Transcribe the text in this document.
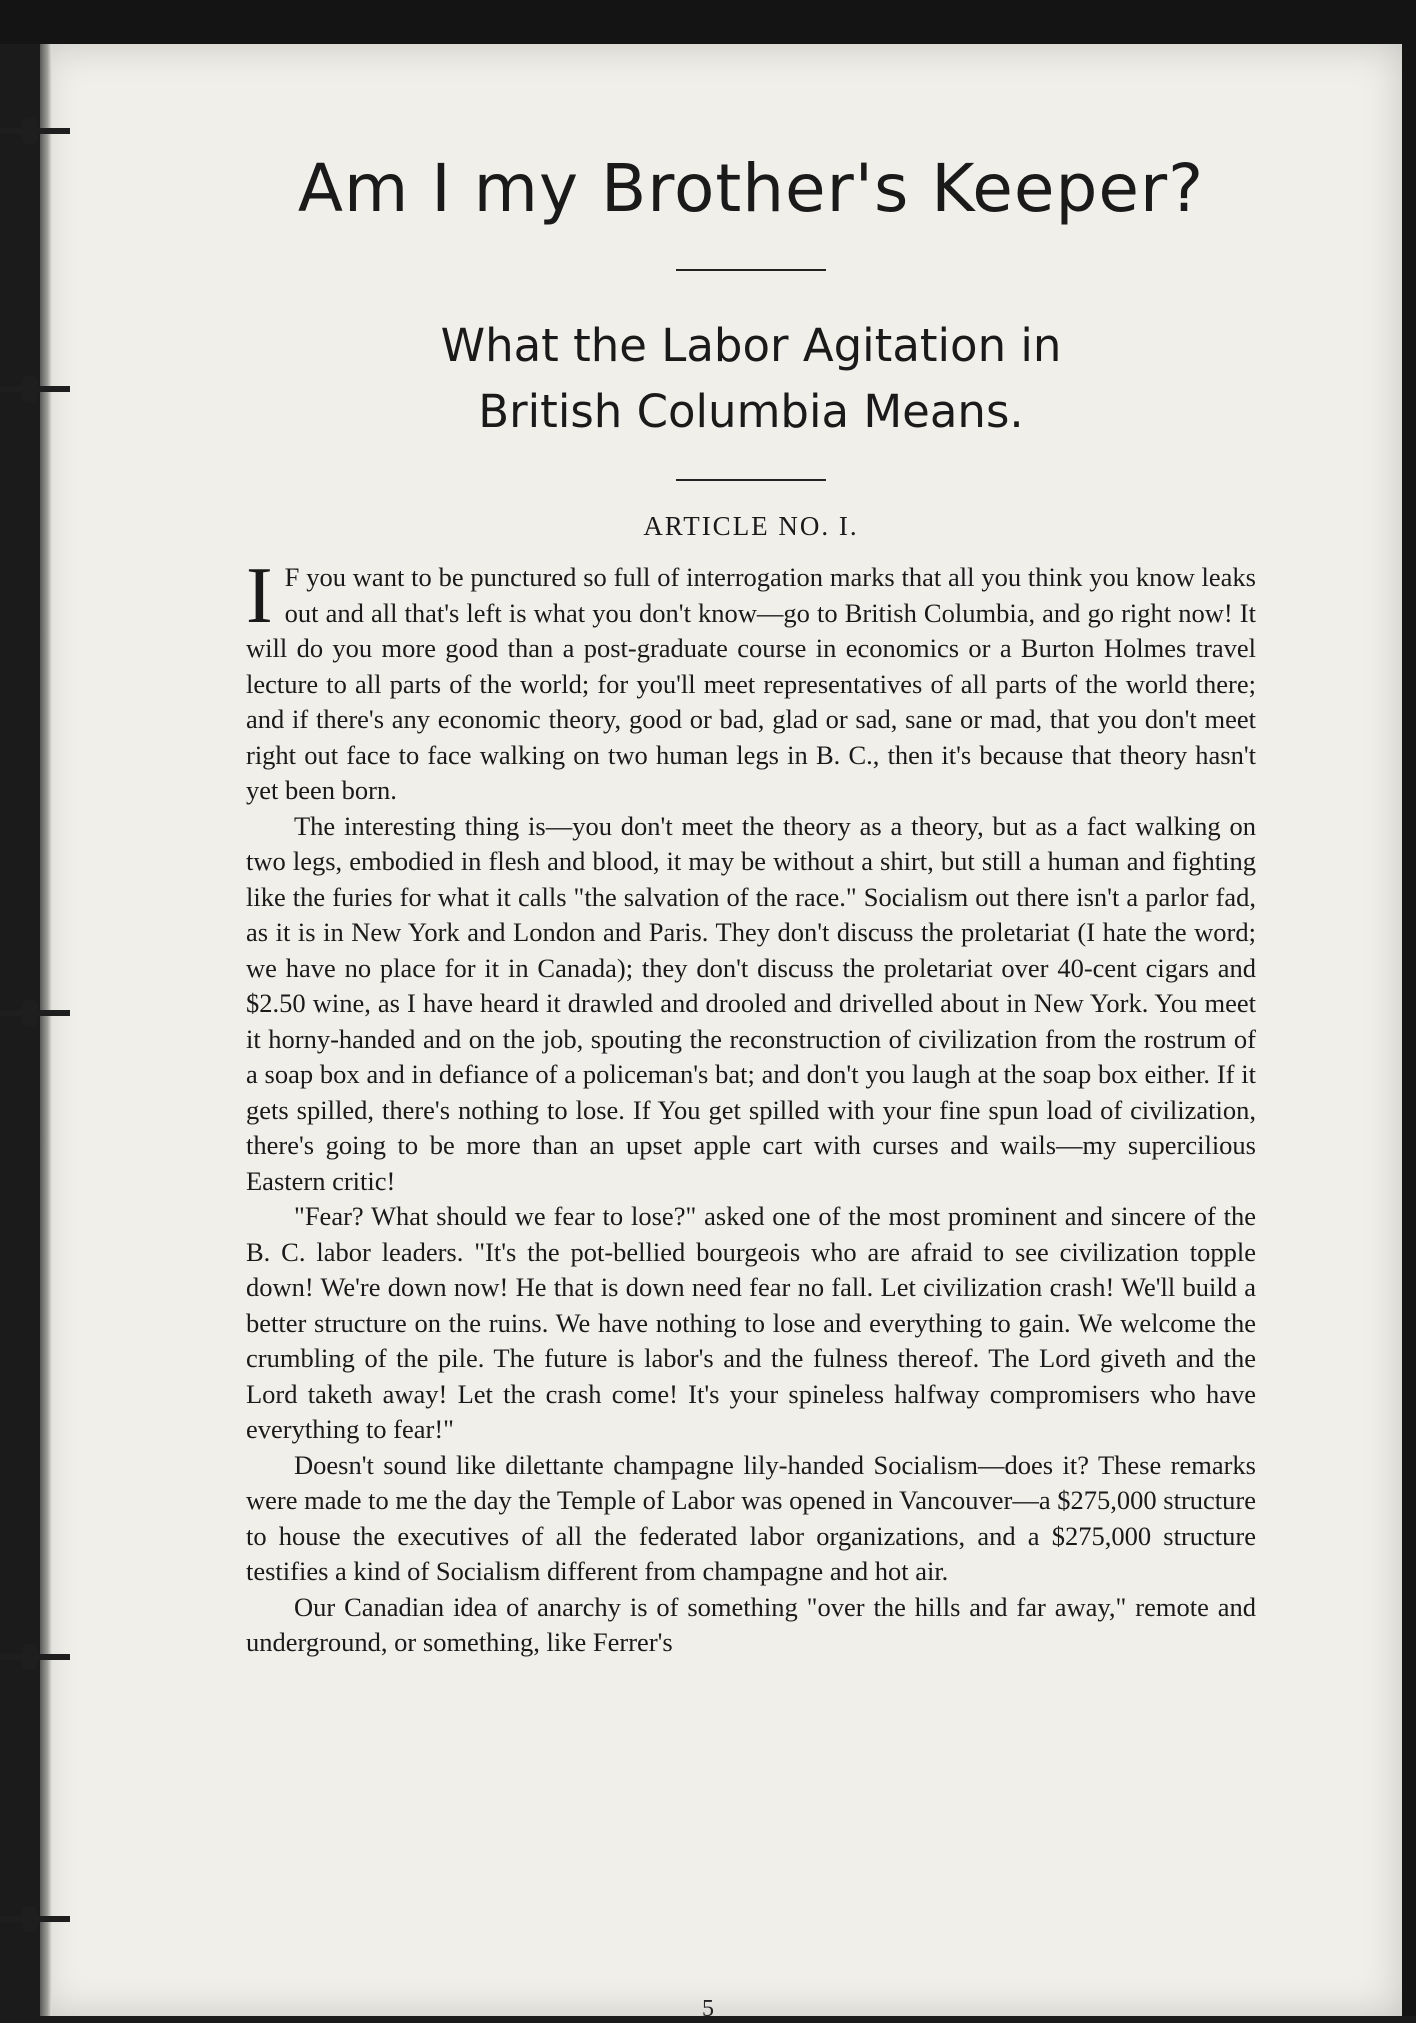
Am I my Brother's Keeper?
What the Labor Agitation in
British Columbia Means.

ARTICLE NO. I.

I F you want to be punctured so full of interrogation marks that all you think you know leaks out and all that's left is what you don't know—go to British Columbia, and go right now! It will do you more good than a post-graduate course in economics or a Burton Holmes travel lecture to all parts of the world; for you'll meet representatives of all parts of the world there; and if there's any economic theory, good or bad, glad or sad, sane or mad, that you don't meet right out face to face walking on two human legs in B. C., then it's because that theory hasn't yet been born.

The interesting thing is—you don't meet the theory as a theory, but as a fact walking on two legs, embodied in flesh and blood, it may be without a shirt, but still a human and fighting like the furies for what it calls "the salvation of the race." Socialism out there isn't a parlor fad, as it is in New York and London and Paris. They don't discuss the proletariat (I hate the word; we have no place for it in Canada); they don't discuss the proletariat over 40-cent cigars and $2.50 wine, as I have heard it drawled and drooled and drivelled about in New York. You meet it horny-handed and on the job, spouting the reconstruction of civilization from the rostrum of a soap box and in defiance of a policeman's bat; and don't you laugh at the soap box either. If it gets spilled, there's nothing to lose. If You get spilled with your fine spun load of civilization, there's going to be more than an upset apple cart with curses and wails—my supercilious Eastern critic!

"Fear? What should we fear to lose?" asked one of the most prominent and sincere of the B. C. labor leaders. "It's the pot-bellied bourgeois who are afraid to see civilization topple down! We're down now! He that is down need fear no fall. Let civilization crash! We'll build a better structure on the ruins. We have nothing to lose and everything to gain. We welcome the crumbling of the pile. The future is labor's and the fulness thereof. The Lord giveth and the Lord taketh away! Let the crash come! It's your spineless halfway compromisers who have everything to fear!"

Doesn't sound like dilettante champagne lily-handed Socialism—does it? These remarks were made to me the day the Temple of Labor was opened in Vancouver—a $275,000 structure to house the executives of all the federated labor organizations, and a $275,000 structure testifies a kind of Socialism different from champagne and hot air.

Our Canadian idea of anarchy is of something "over the hills and far away," remote and underground, or something, like Ferrer's

5
